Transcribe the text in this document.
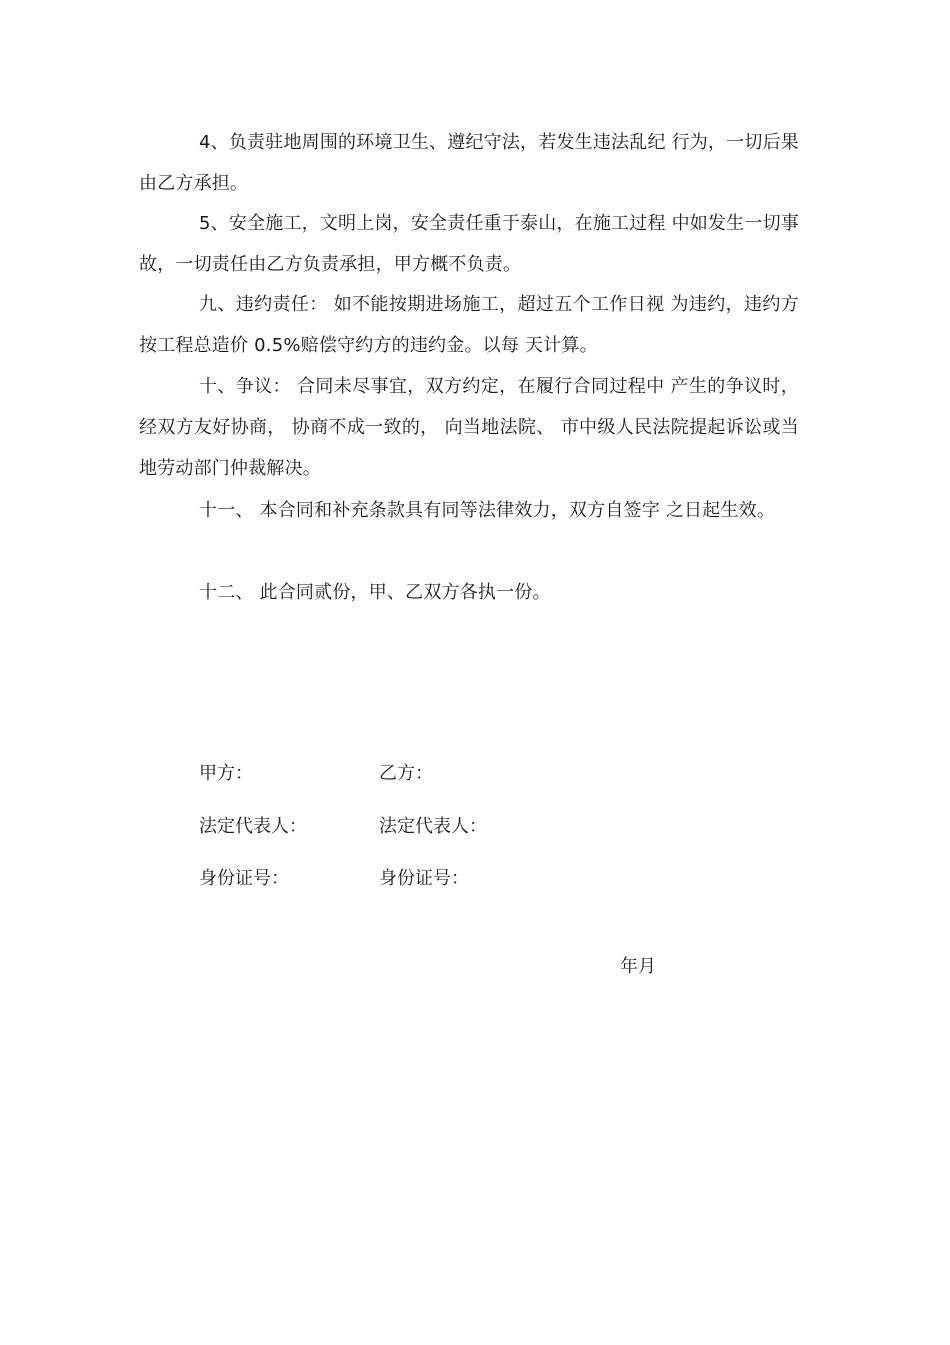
4、负责驻地周围的环境卫生、遵纪守法，若发生违法乱纪 行为，一切后果由乙方承担。

5、安全施工，文明上岗，安全责任重于泰山，在施工过程 中如发生一切事故，一切责任由乙方负责承担，甲方概不负责。

九、违约责任： 如不能按期进场施工，超过五个工作日视 为违约，违约方按工程总造价 0.5%赔偿守约方的违约金。以每 天计算。

十、争议： 合同未尽事宜，双方约定，在履行合同过程中 产生的争议时， 经双方友好协商， 协商不成一致的， 向当地法院、 市中级人民法院提起诉讼或当地劳动部门仲裁解决。

十一、 本合同和补充条款具有同等法律效力，双方自签字 之日起生效。

十二、 此合同贰份，甲、乙双方各执一份。

甲方：	乙方：
法定代表人：	法定代表人：
身份证号：	身份证号：
年月
